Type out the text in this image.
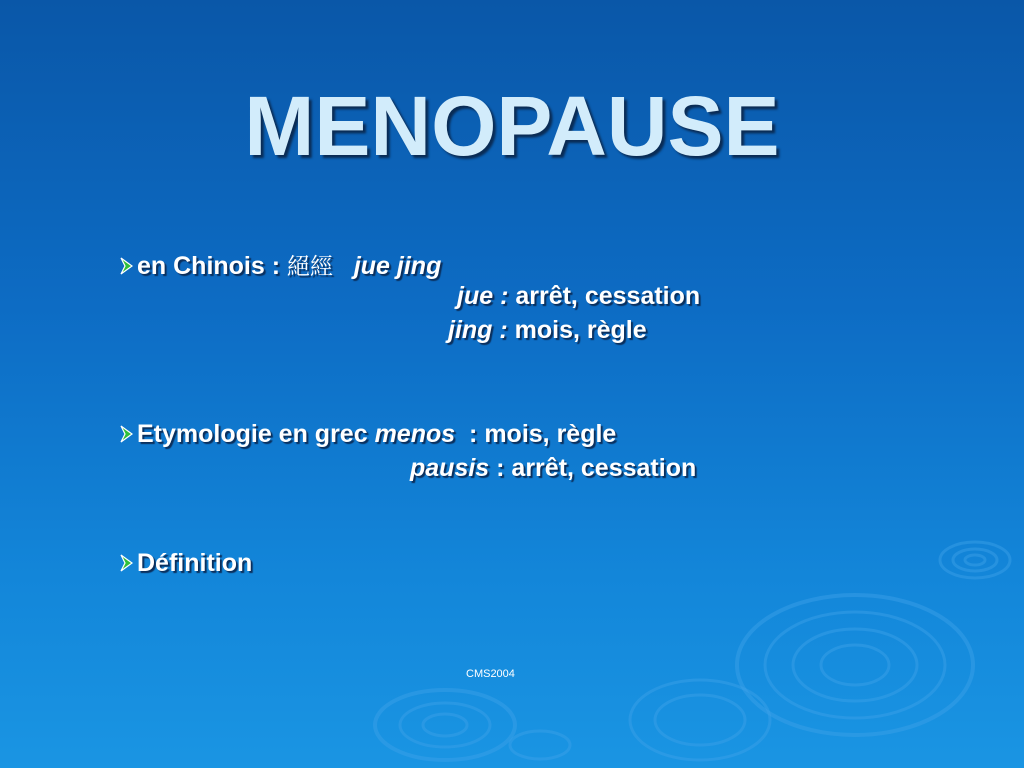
MENOPAUSE
en Chinois : 絕經 jue jing
jue : arrêt, cessation
jing : mois, règle
Etymologie en grec menos  : mois, règle
pausis : arrêt, cessation
Définition
CMS2004
